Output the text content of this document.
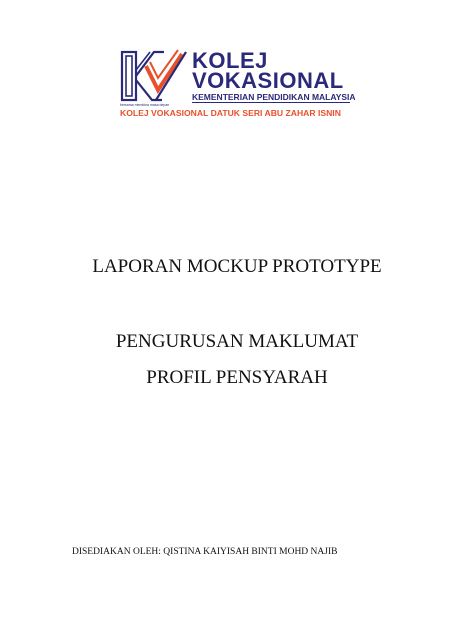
KOLEJ
VOKASIONAL
KEMENTERIAN PENDIDIKAN MALAYSIA
bersama membina masa depan
KOLEJ VOKASIONAL DATUK SERI ABU ZAHAR ISNIN
LAPORAN MOCKUP PROTOTYPE
PENGURUSAN MAKLUMAT
PROFIL PENSYARAH
DISEDIAKAN OLEH: QISTINA KAIYISAH BINTI MOHD NAJIB
